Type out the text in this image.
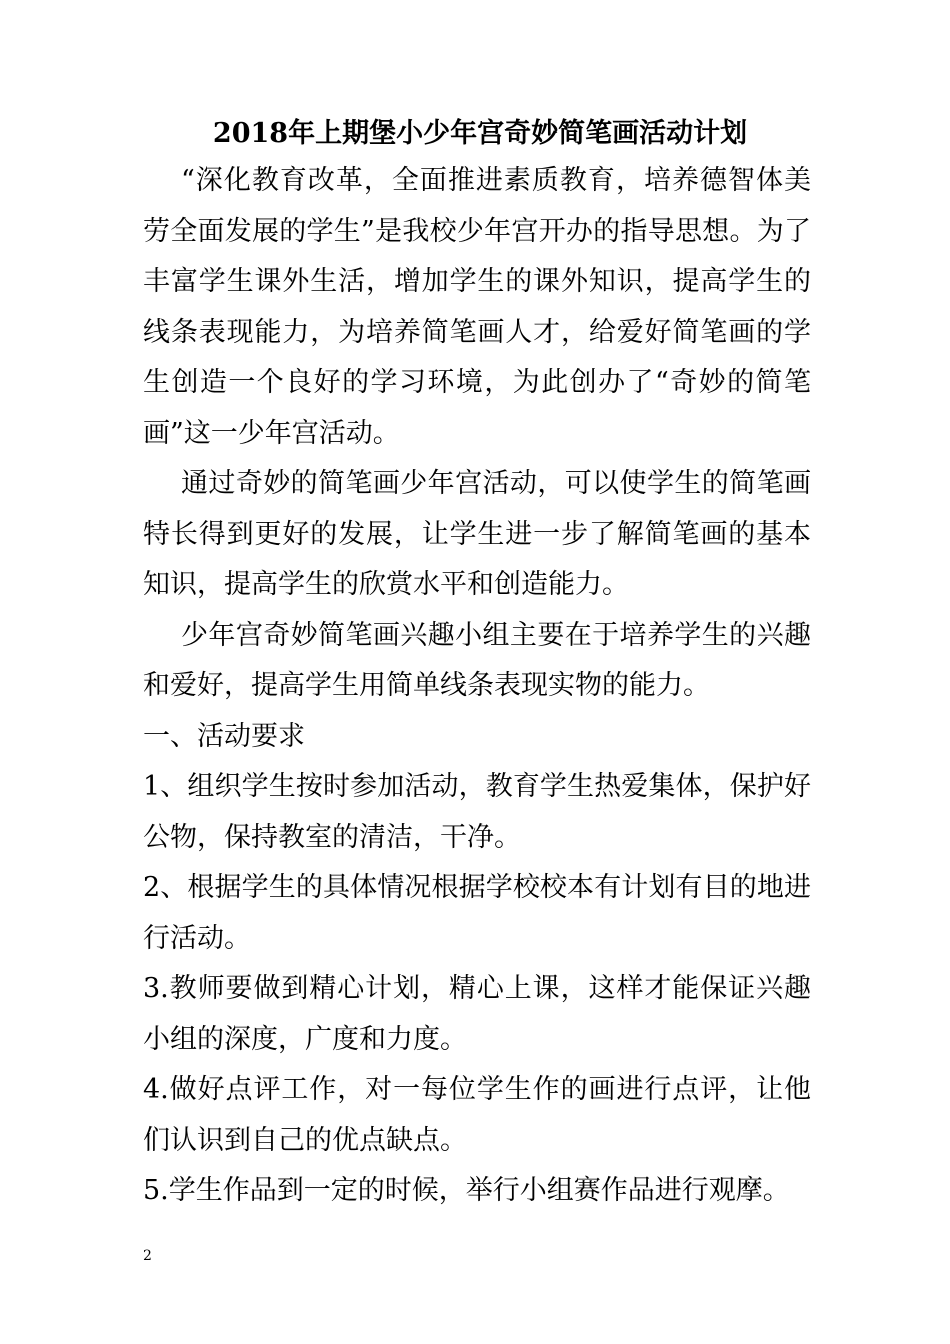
2018年上期堡小少年宫奇妙简笔画活动计划

“深化教育改革，全面推进素质教育，培养德智体美劳全面发展的学生”是我校少年宫开办的指导思想。为了丰富学生课外生活，增加学生的课外知识，提高学生的线条表现能力，为培养简笔画人才，给爱好简笔画的学生创造一个良好的学习环境，为此创办了“奇妙的简笔画”这一少年宫活动。

通过奇妙的简笔画少年宫活动，可以使学生的简笔画特长得到更好的发展，让学生进一步了解简笔画的基本知识，提高学生的欣赏水平和创造能力。

少年宫奇妙简笔画兴趣小组主要在于培养学生的兴趣和爱好，提高学生用简单线条表现实物的能力。

一、活动要求

1、组织学生按时参加活动，教育学生热爱集体，保护好公物，保持教室的清洁，干净。

2、根据学生的具体情况根据学校校本有计划有目的地进行活动。

3.教师要做到精心计划，精心上课，这样才能保证兴趣小组的深度，广度和力度。

4.做好点评工作，对一每位学生作的画进行点评，让他们认识到自己的优点缺点。

5.学生作品到一定的时候，举行小组赛作品进行观摩。

2
